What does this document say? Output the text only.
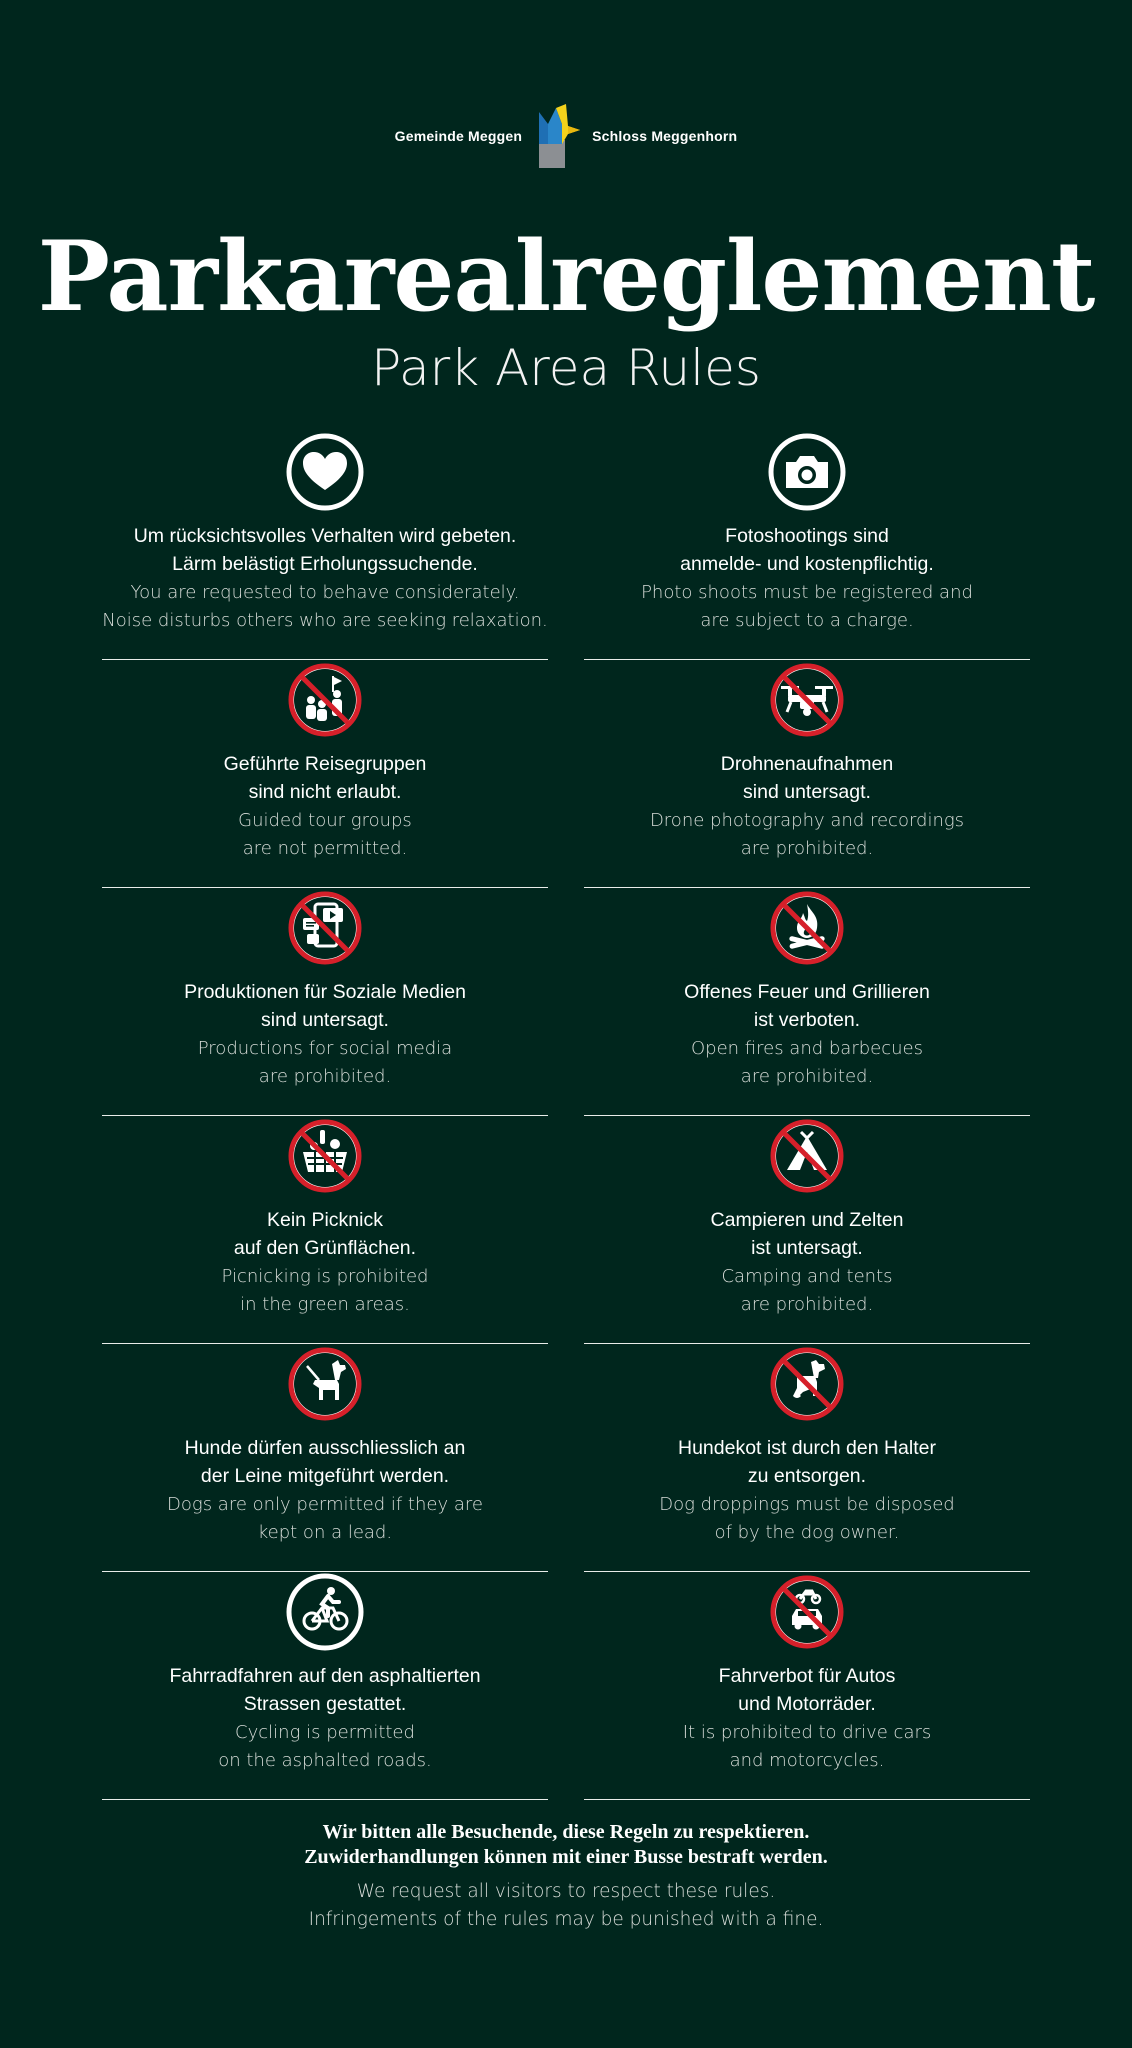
Gemeinde Meggen	Schloss Meggenhorn
Parkarealreglement
Park Area Rules
Um rücksichtsvolles Verhalten wird gebeten.
Lärm belästigt Erholungssuchende.
You are requested to behave considerately.
Noise disturbs others who are seeking relaxation.
Fotoshootings sind
anmelde- und kostenpflichtig.
Photo shoots must be registered and
are subject to a charge.
Geführte Reisegruppen
sind nicht erlaubt.
Guided tour groups
are not permitted.
Drohnenaufnahmen
sind untersagt.
Drone photography and recordings
are prohibited.
Produktionen für Soziale Medien
sind untersagt.
Productions for social media
are prohibited.
Offenes Feuer und Grillieren
ist verboten.
Open fires and barbecues
are prohibited.
Kein Picknick
auf den Grünflächen.
Picnicking is prohibited
in the green areas.
Campieren und Zelten
ist untersagt.
Camping and tents
are prohibited.
Hunde dürfen ausschliesslich an
der Leine mitgeführt werden.
Dogs are only permitted if they are
kept on a lead.
Hundekot ist durch den Halter
zu entsorgen.
Dog droppings must be disposed
of by the dog owner.
Fahrradfahren auf den asphaltierten
Strassen gestattet.
Cycling is permitted
on the asphalted roads.
Fahrverbot für Autos
und Motorräder.
It is prohibited to drive cars
and motorcycles.
Wir bitten alle Besuchende, diese Regeln zu respektieren.
Zuwiderhandlungen können mit einer Busse bestraft werden.
We request all visitors to respect these rules.
Infringements of the rules may be punished with a fine.
